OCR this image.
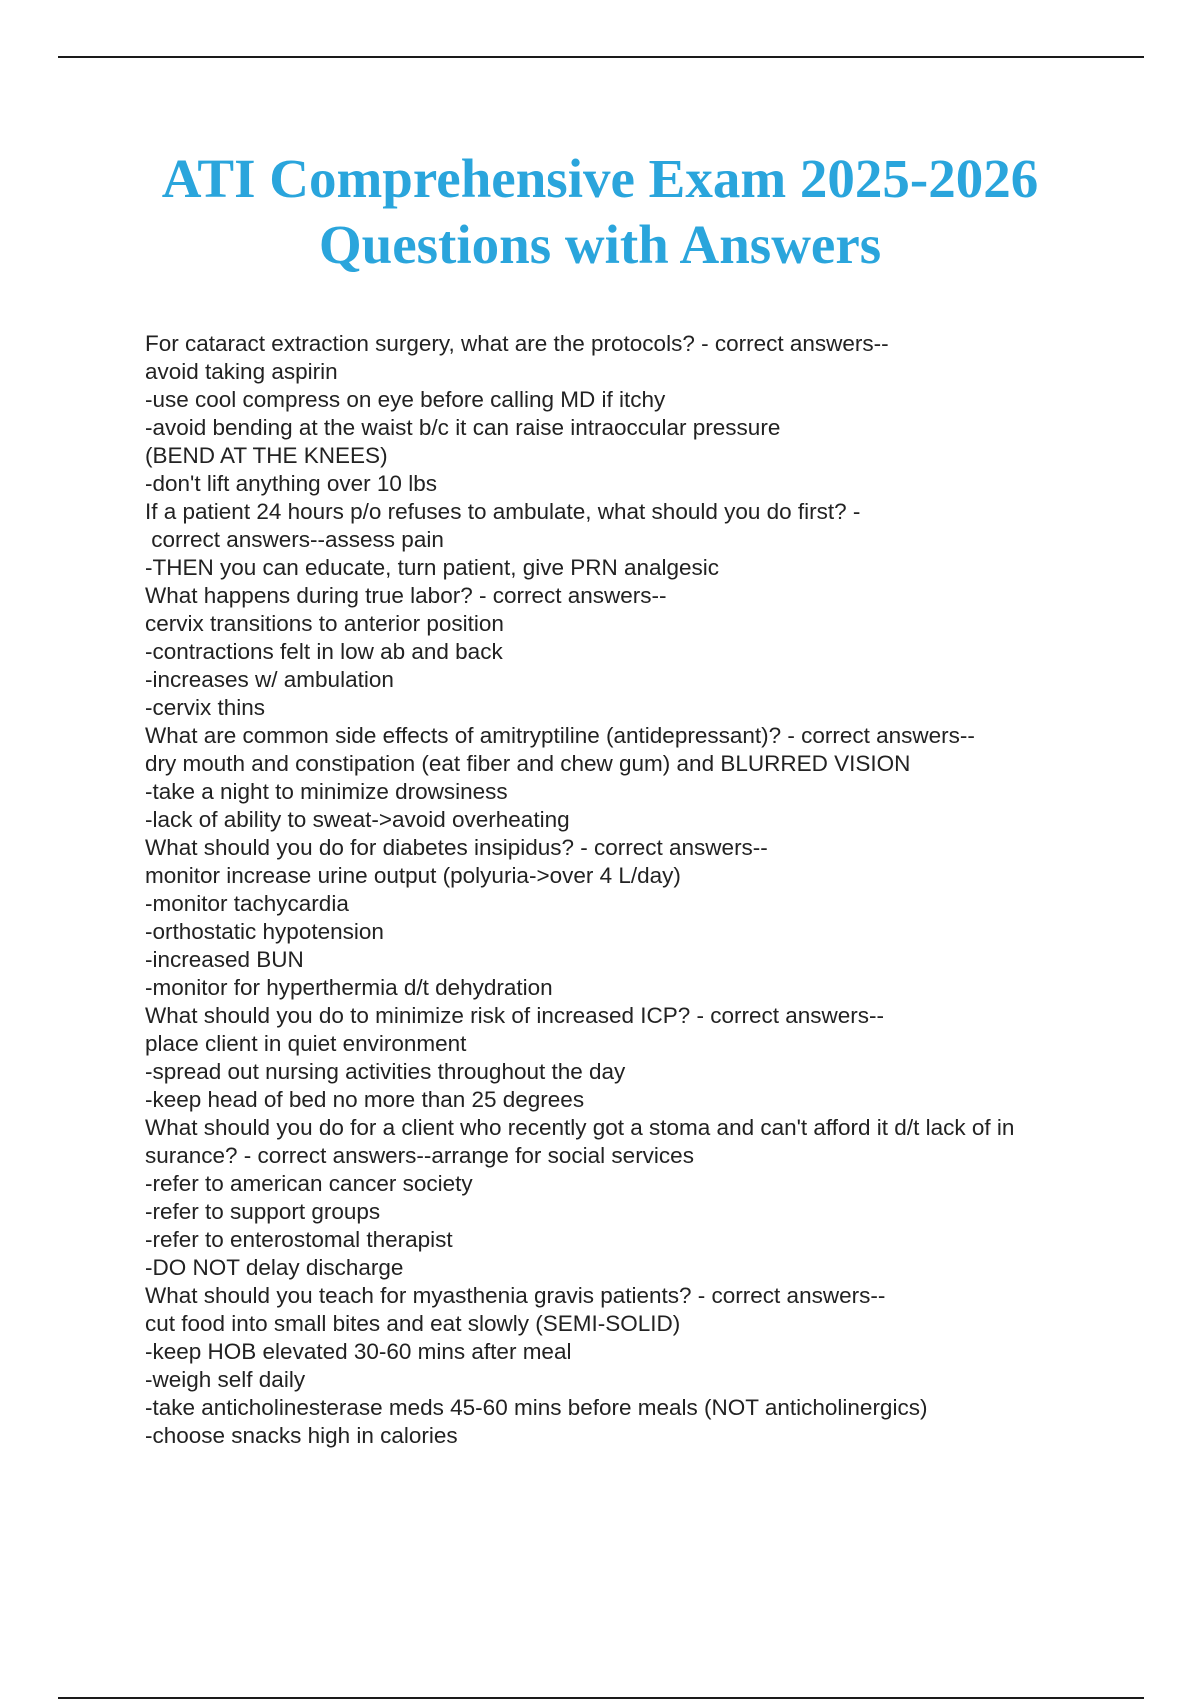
ATI Comprehensive Exam 2025-2026
Questions with Answers
For cataract extraction surgery, what are the protocols? - correct answers--
avoid taking aspirin
-use cool compress on eye before calling MD if itchy
-avoid bending at the waist b/c it can raise intraoccular pressure
(BEND AT THE KNEES)
-don't lift anything over 10 lbs
If a patient 24 hours p/o refuses to ambulate, what should you do first? -
correct answers--assess pain
-THEN you can educate, turn patient, give PRN analgesic
What happens during true labor? - correct answers--
cervix transitions to anterior position
-contractions felt in low ab and back
-increases w/ ambulation
-cervix thins
What are common side effects of amitryptiline (antidepressant)? - correct answers--
dry mouth and constipation (eat fiber and chew gum) and BLURRED VISION
-take a night to minimize drowsiness
-lack of ability to sweat->avoid overheating
What should you do for diabetes insipidus? - correct answers--
monitor increase urine output (polyuria->over 4 L/day)
-monitor tachycardia
-orthostatic hypotension
-increased BUN
-monitor for hyperthermia d/t dehydration
What should you do to minimize risk of increased ICP? - correct answers--
place client in quiet environment
-spread out nursing activities throughout the day
-keep head of bed no more than 25 degrees
What should you do for a client who recently got a stoma and can't afford it d/t lack of in
surance? - correct answers--arrange for social services
-refer to american cancer society
-refer to support groups
-refer to enterostomal therapist
-DO NOT delay discharge
What should you teach for myasthenia gravis patients? - correct answers--
cut food into small bites and eat slowly (SEMI-SOLID)
-keep HOB elevated 30-60 mins after meal
-weigh self daily
-take anticholinesterase meds 45-60 mins before meals (NOT anticholinergics)
-choose snacks high in calories
